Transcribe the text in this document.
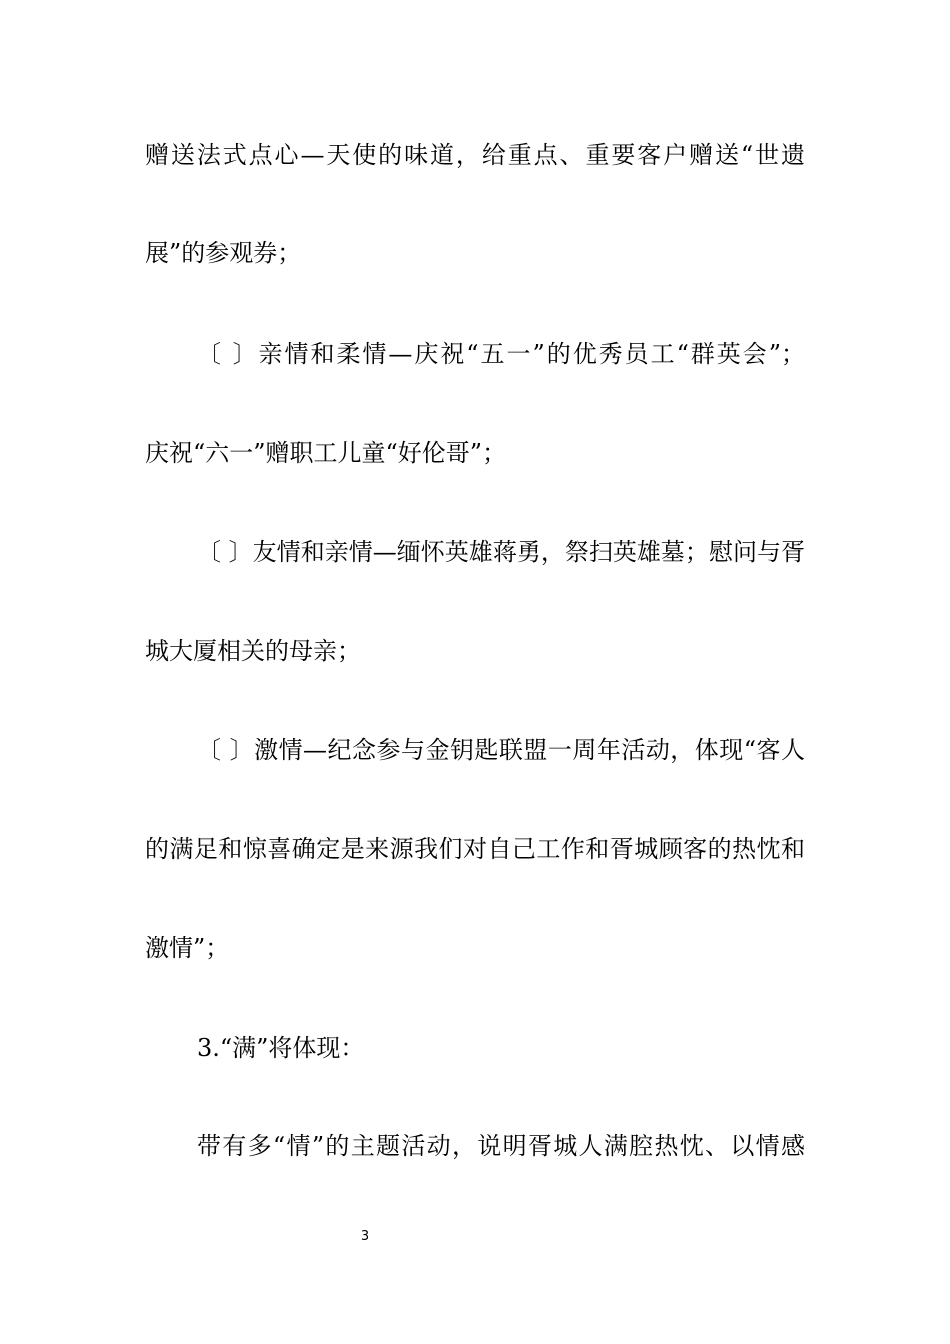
赠送法式点心—天使的味道，给重点、重要客户赠送“世遗
展”的参观券；
〔 〕亲情和柔情—庆祝“五一”的优秀员工“群英会”；
庆祝“六一”赠职工儿童“好伦哥”；
〔 〕友情和亲情—缅怀英雄蒋勇，祭扫英雄墓；慰问与胥
城大厦相关的母亲；
〔 〕激情—纪念参与金钥匙联盟一周年活动，体现“客人
的满足和惊喜确定是来源我们对自己工作和胥城顾客的热忱和
激情”；
3.“满”将体现：
带有多“情”的主题活动，说明胥城人满腔热忱、以情感
3
